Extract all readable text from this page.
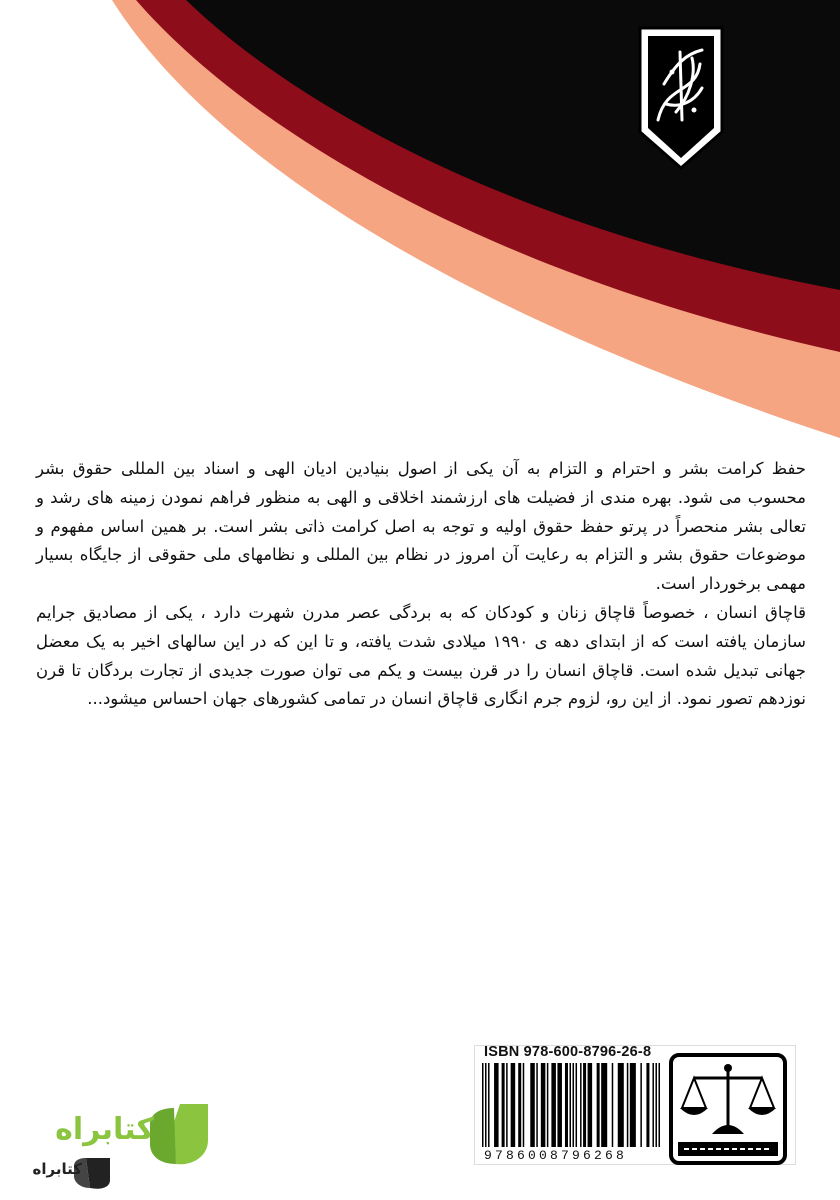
حفظ کرامت بشر و احترام و التزام به آن یکی از اصول بنیادین ادیان الهی و اسناد بین المللی حقوق بشر محسوب می شود. بهره مندی از فضیلت های ارزشمند اخلاقی و الهی به منظور فراهم نمودن زمینه های رشد و تعالی بشر منحصراً در پرتو حفظ حقوق اولیه و توجه به اصل کرامت ذاتی بشر است. بر همین اساس مفهوم و موضوعات حقوق بشر و التزام به رعایت آن امروز در نظام بین المللی و نظامهای ملی حقوقی از جایگاه بسیار مهمی برخوردار است.

قاچاق انسان ، خصوصاً قاچاق زنان و کودکان که به بردگی عصر مدرن شهرت دارد ، یکی از مصادیق جرایم سازمان یافته است که از ابتدای دهه ی ۱۹۹۰ میلادی شدت یافته، و تا این که در این سالهای اخیر به یک معضل جهانی تبدیل شده است. قاچاق انسان را در قرن بیست و یکم می توان صورت جدیدی از تجارت بردگان تا قرن نوزدهم تصور نمود. از این رو، لزوم جرم انگاری قاچاق انسان در تمامی کشورهای جهان احساس میشود...

ISBN 978-600-8796-26-8
9786008796268
کتابراه
کتابراه
